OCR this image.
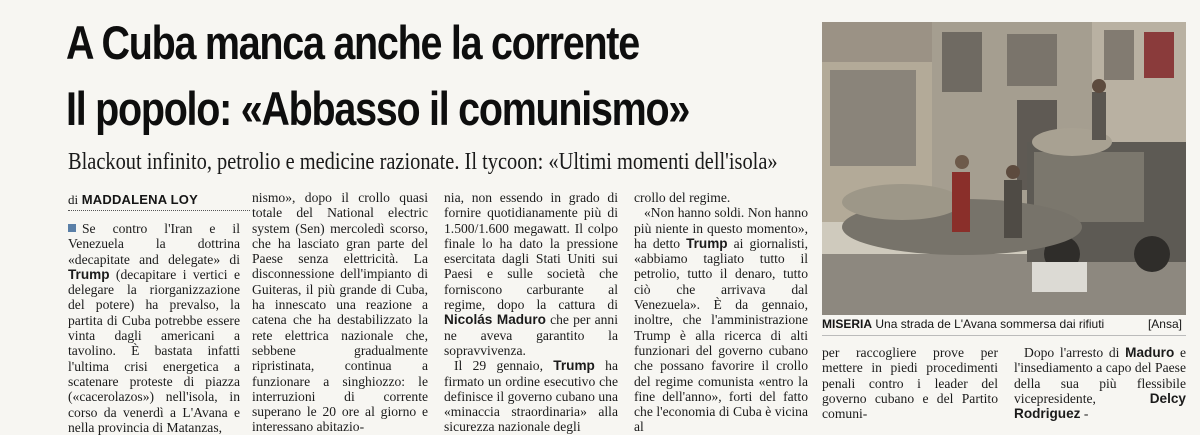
A Cuba manca anche la corrente
Il popolo: «Abbasso il comunismo»
Blackout infinito, petrolio e medicine razionate. Il tycoon: «Ultimi momenti dell'isola»
di MADDALENA LOY

Se contro l'Iran e il Venezuela la dottrina «decapitate and delegate» di Trump (decapitare i vertici e delegare la riorganizzazione del potere) ha prevalso, la partita di Cuba potrebbe essere vinta dagli americani a tavolino. È bastata infatti l'ultima crisi energetica a scatenare proteste di piazza («cacerolazos») nell'isola, in corso da venerdì a L'Avana e nella provincia di Matanzas,

nismo», dopo il crollo quasi totale del National electric system (Sen) mercoledì scorso, che ha lasciato gran parte del Paese senza elettricità. La disconnessione dell'impianto di Guiteras, il più grande di Cuba, ha innescato una reazione a catena che ha destabilizzato la rete elettrica nazionale che, sebbene gradualmente ripristinata, continua a funzionare a singhiozzo: le interruzioni di corrente superano le 20 ore al giorno e interessano abitazio-

nia, non essendo in grado di fornire quotidianamente più di 1.500/1.600 megawatt. Il colpo finale lo ha dato la pressione esercitata dagli Stati Uniti sui Paesi e sulle società che forniscono carburante al regime, dopo la cattura di Nicolás Maduro che per anni ne aveva garantito la sopravvivenza.

Il 29 gennaio, Trump ha firmato un ordine esecutivo che definisce il governo cubano una «minaccia straordinaria» alla sicurezza nazionale degli

crollo del regime.

«Non hanno soldi. Non hanno più niente in questo momento», ha detto Trump ai giornalisti, «abbiamo tagliato tutto il petrolio, tutto il denaro, tutto ciò che arrivava dal Venezuela». È da gennaio, inoltre, che l'amministrazione Trump è alla ricerca di alti funzionari del governo cubano che possano favorire il crollo del regime comunista «entro la fine dell'anno», forti del fatto che l'economia di Cuba è vicina al

MISERIA Una strada de L'Avana sommersa dai rifiuti	[Ansa]

per raccogliere prove per mettere in piedi procedimenti penali contro i leader del governo cubano e del Partito comuni-

Dopo l'arresto di Maduro e l'insediamento a capo del Paese della sua più flessibile vicepresidente, Delcy Rodriguez -
